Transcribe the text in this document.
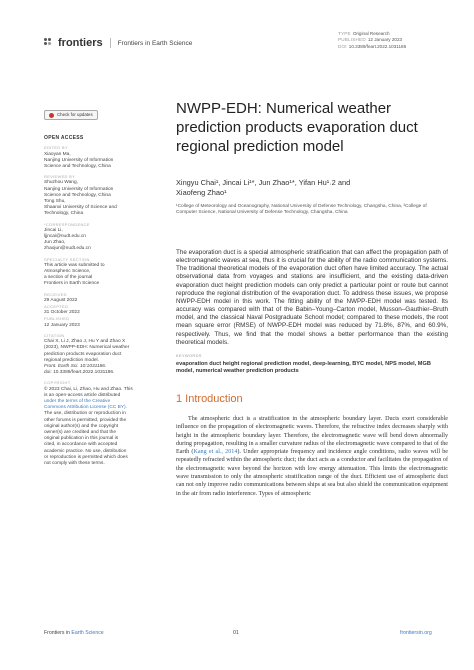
frontiers Frontiers in Earth Science
TYPE Original Research
PUBLISHED 12 January 2023
DOI 10.3389/feart.2022.1031186
Check for updates
OPEN ACCESS
EDITED BY
Xiaoyan Ma,
Nanjing University of Information
Science and Technology, China
REVIEWED BY
Shuzhou Wang,
Nanjing University of Information
Science and Technology, China
Tong Shu,
Shaanxi University of Science and
Technology, China
*CORRESPONDENCE
Jincai Li,
ljjncai@nudt.edu.cn
Jun Zhao,
zhaojun@nudt.edu.cn
SPECIALTY SECTION
This article was submitted to
Atmospheric Science,
a section of the journal
Frontiers in Earth Science
RECEIVED
29 August 2022
ACCEPTED
31 October 2022
PUBLISHED
12 January 2023
CITATION
Chai X, Li J, Zhao J, Hu Y and Zhao X
(2023), NWPP-EDH: Numerical weather
prediction products evaporation duct
regional prediction model.
Front. Earth Sci. 10:1031186.
doi: 10.3389/feart.2022.1031186.
COPYRIGHT
© 2023 Chai, Li, Zhao, Hu and Zhao. This
is an open-access article distributed
under the terms of the Creative
Commons Attribution License (CC BY).
The use, distribution or reproduction in
other forums is permitted, provided the
original author(s) and the copyright
owner(s) are credited and that the
original publication in this journal is
cited, in accordance with accepted
academic practice. No use, distribution
or reproduction is permitted which does
not comply with these terms.
NWPP-EDH: Numerical weather prediction products evaporation duct regional prediction model
Xingyu Chai¹, Jincai Li¹*, Jun Zhao¹*, Yifan Hu¹˒2 and
Xiaofeng Zhao¹
¹College of Meteorology and Oceanography, National University of Defense Technology, Changsha, China, ²College of Computer Science, National University of Defense Technology, Changsha, China
The evaporation duct is a special atmospheric stratification that can affect the propagation path of electromagnetic waves at sea, thus it is crucial for the ability of the radio communication systems. The traditional theoretical models of the evaporation duct often have limited accuracy. The actual observational data from voyages and stations are insufficient, and the existing data-driven evaporation duct height prediction models can only predict a particular point or route but cannot reproduce the regional distribution of the evaporation duct. To address these issues, we propose NWPP-EDH model in this work. The fitting ability of the NWPP-EDH model was tested. Its accuracy was compared with that of the Babin–Young–Carton model, Musson–Gauthier–Bruth model, and the classical Naval Postgraduate School model; compared to these models, the root mean square error (RMSE) of NWPP-EDH model was reduced by 71.8%, 87%, and 60.9%, respectively. Thus, we find that the model shows a better performance than the existing theoretical models.
KEYWORDS
evaporation duct height regional prediction model, deep-learning, BYC model, NPS model, MGB model, numerical weather prediction products
1 Introduction
The atmospheric duct is a stratification in the atmospheric boundary layer. Ducts exert considerable influence on the propagation of electromagnetic waves. Therefore, the refractive index decreases sharply with height in the atmospheric boundary layer. Therefore, the electromagnetic wave will bend down abnormally during propagation, resulting in a smaller curvature radius of the electromagnetic wave compared to that of the Earth (Kang et al., 2014). Under appropriate frequency and incidence angle conditions, radio waves will be repeatedly refracted within the atmospheric duct; the duct acts as a conductor and facilitates the propagation of the electromagnetic wave beyond the horizon with low energy attenuation. This limits the electromagnetic wave transmission to only the atmospheric stratification range of the duct. Efficient use of atmospheric duct can not only improve radio communications between ships at sea but also shield the communication equipment in the air from radio interference. Types of atmospheric
Frontiers in Earth Science	01	frontiersin.org
